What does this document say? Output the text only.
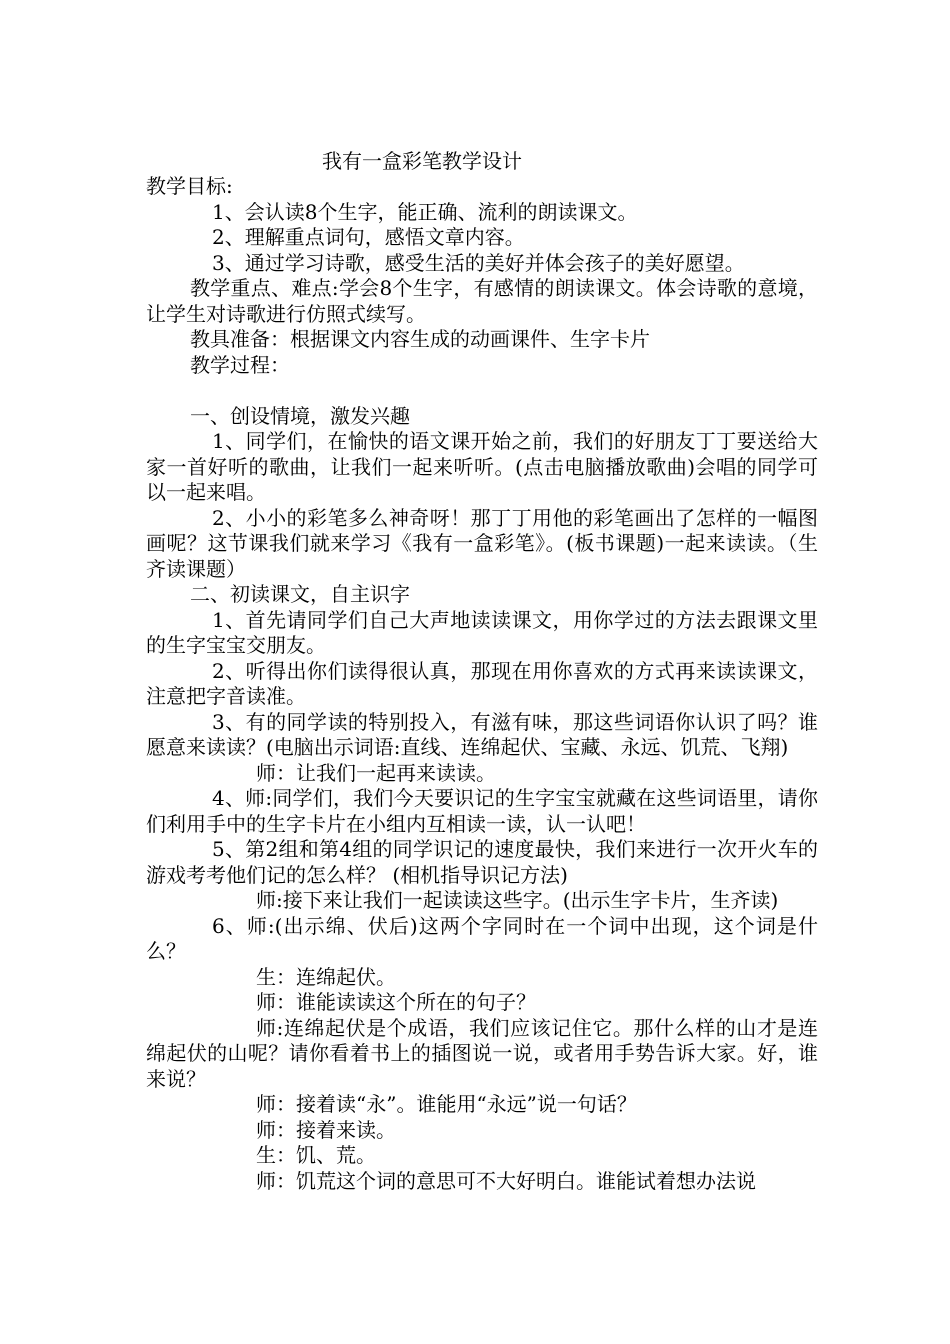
我有一盒彩笔教学设计

教学目标:

1、会认读8个生字，能正确、流利的朗读课文。

2、理解重点词句，感悟文章内容。

3、通过学习诗歌，感受生活的美好并体会孩子的美好愿望。

教学重点、难点:学会8个生字，有感情的朗读课文。体会诗歌的意境，让学生对诗歌进行仿照式续写。

教具准备：根据课文内容生成的动画课件、生字卡片

教学过程：

一、创设情境，激发兴趣

1、同学们，在愉快的语文课开始之前，我们的好朋友丁丁要送给大家一首好听的歌曲，让我们一起来听听。(点击电脑播放歌曲)会唱的同学可以一起来唱。

2、小小的彩笔多么神奇呀！那丁丁用他的彩笔画出了怎样的一幅图画呢？这节课我们就来学习《我有一盒彩笔》。(板书课题)一起来读读。（生齐读课题）

二、初读课文，自主识字

1、首先请同学们自己大声地读读课文，用你学过的方法去跟课文里的生字宝宝交朋友。

2、听得出你们读得很认真，那现在用你喜欢的方式再来读读课文，注意把字音读准。

3、有的同学读的特别投入，有滋有味，那这些词语你认识了吗？谁愿意来读读？(电脑出示词语:直线、连绵起伏、宝藏、永远、饥荒、飞翔)

师：让我们一起再来读读。

4、师:同学们，我们今天要识记的生字宝宝就藏在这些词语里，请你们利用手中的生字卡片在小组内互相读一读，认一认吧！

5、第2组和第4组的同学识记的速度最快，我们来进行一次开火车的游戏考考他们记的怎么样？ (相机指导识记方法)

师:接下来让我们一起读读这些字。(出示生字卡片，生齐读)

6、师:(出示绵、伏后)这两个字同时在一个词中出现，这个词是什么？

生：连绵起伏。

师：谁能读读这个所在的句子？

师:连绵起伏是个成语，我们应该记住它。那什么样的山才是连绵起伏的山呢？请你看着书上的插图说一说，或者用手势告诉大家。好，谁来说？

师：接着读“永”。谁能用“永远”说一句话？

师：接着来读。

生：饥、荒。

师：饥荒这个词的意思可不大好明白。谁能试着想办法说
